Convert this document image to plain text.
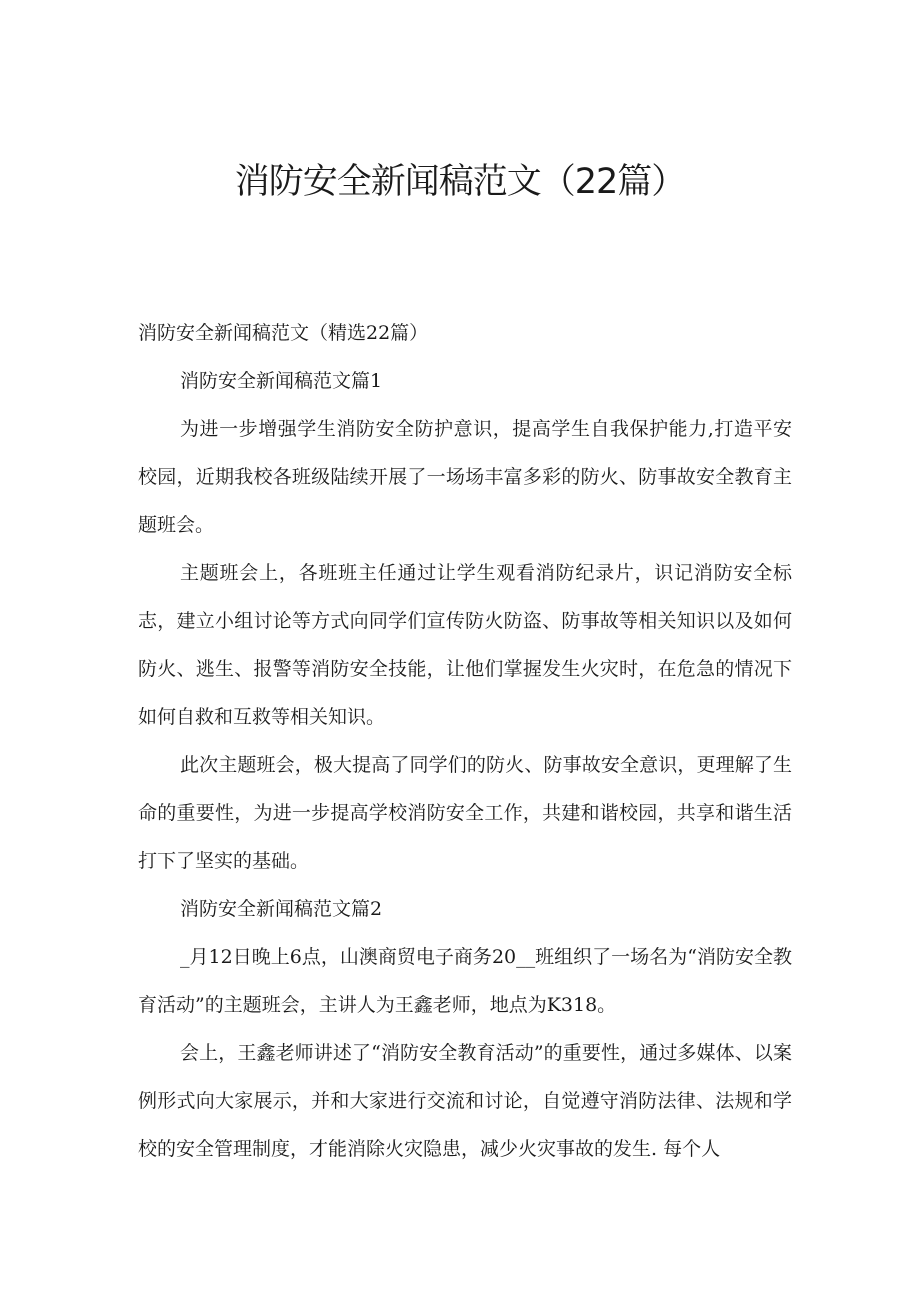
消防安全新闻稿范文（22篇）

消防安全新闻稿范文（精选22篇）

消防安全新闻稿范文篇1

为进一步增强学生消防安全防护意识，提高学生自我保护能力,打造平安校园，近期我校各班级陆续开展了一场场丰富多彩的防火、防事故安全教育主题班会。

主题班会上，各班班主任通过让学生观看消防纪录片，识记消防安全标志，建立小组讨论等方式向同学们宣传防火防盗、防事故等相关知识以及如何防火、逃生、报警等消防安全技能，让他们掌握发生火灾时，在危急的情况下如何自救和互救等相关知识。

此次主题班会，极大提高了同学们的防火、防事故安全意识，更理解了生命的重要性，为进一步提高学校消防安全工作，共建和谐校园，共享和谐生活打下了坚实的基础。

消防安全新闻稿范文篇2

_月12日晚上6点，山澳商贸电子商务20__班组织了一场名为“消防安全教育活动”的主题班会，主讲人为王鑫老师，地点为K318。

会上，王鑫老师讲述了“消防安全教育活动”的重要性，通过多媒体、以案例形式向大家展示，并和大家进行交流和讨论，自觉遵守消防法律、法规和学校的安全管理制度，才能消除火灾隐患，减少火灾事故的发生. 每个人
